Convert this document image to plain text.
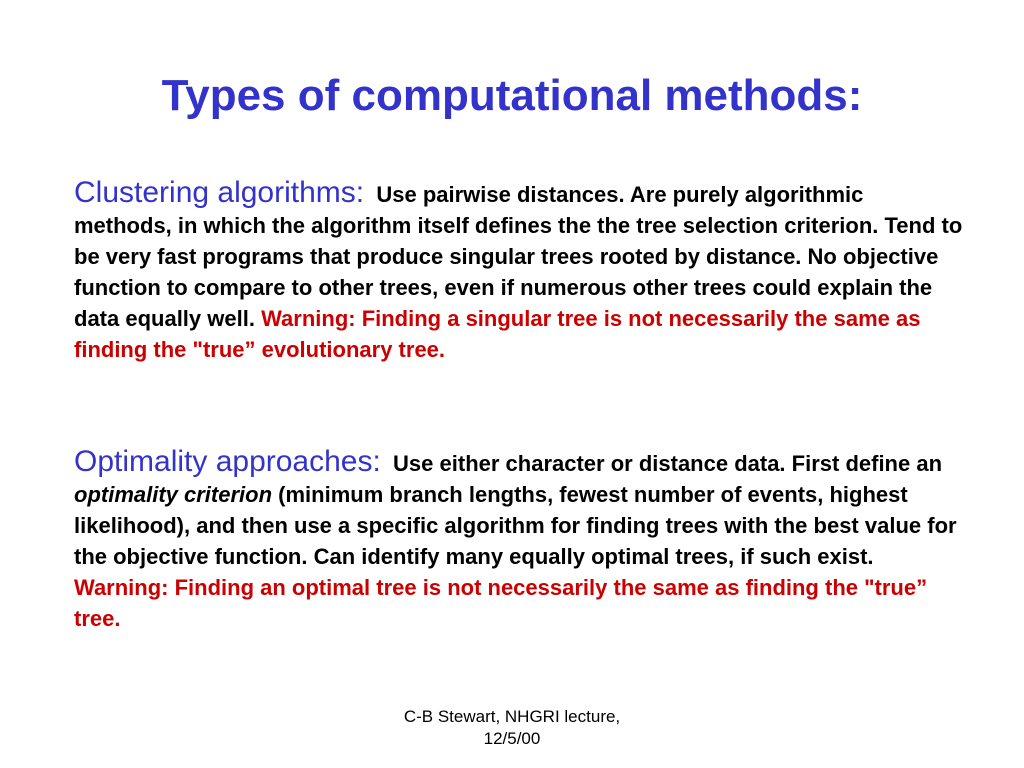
Types of computational methods:

Clustering algorithms: Use pairwise distances. Are purely algorithmic methods, in which the algorithm itself defines the the tree selection criterion. Tend to be very fast programs that produce singular trees rooted by distance. No objective function to compare to other trees, even if numerous other trees could explain the data equally well. Warning: Finding a singular tree is not necessarily the same as finding the "true” evolutionary tree.

Optimality approaches: Use either character or distance data. First define an optimality criterion (minimum branch lengths, fewest number of events, highest likelihood), and then use a specific algorithm for finding trees with the best value for the objective function. Can identify many equally optimal trees, if such exist.  Warning: Finding an optimal tree is not necessarily the same as finding the "true” tree.

C-B Stewart, NHGRI lecture,
12/5/00
